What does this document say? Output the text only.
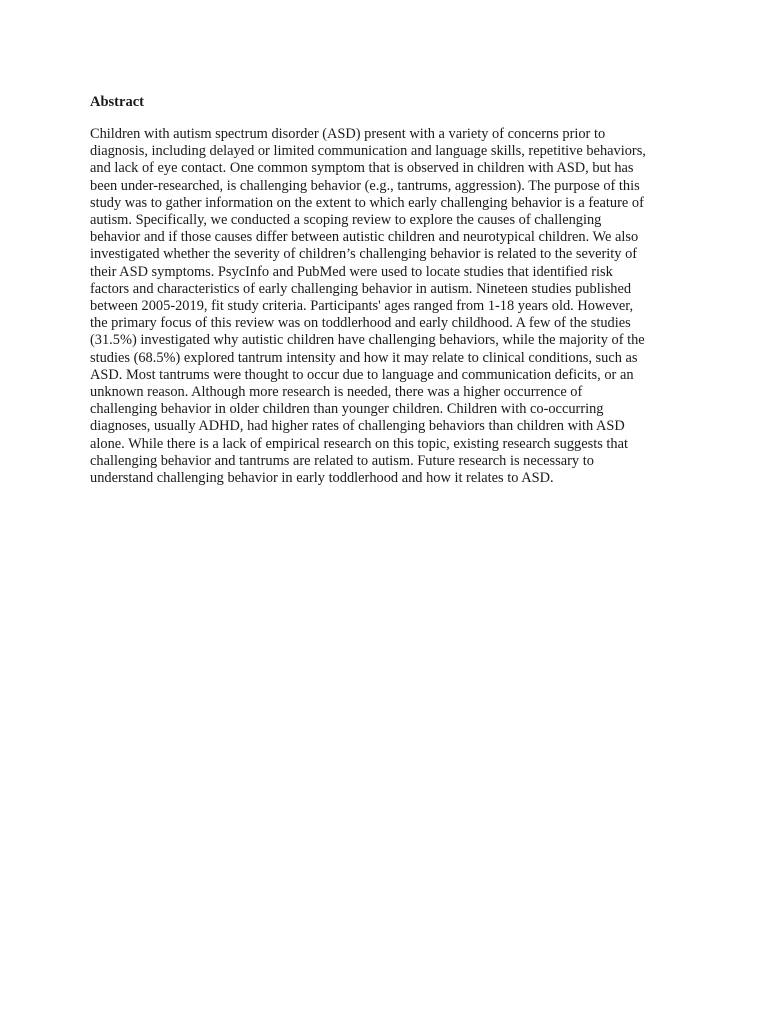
Abstract

Children with autism spectrum disorder (ASD) present with a variety of concerns prior to
diagnosis, including delayed or limited communication and language skills, repetitive behaviors,
and lack of eye contact. One common symptom that is observed in children with ASD, but has
been under-researched, is challenging behavior (e.g., tantrums, aggression). The purpose of this
study was to gather information on the extent to which early challenging behavior is a feature of
autism. Specifically, we conducted a scoping review to explore the causes of challenging
behavior and if those causes differ between autistic children and neurotypical children. We also
investigated whether the severity of children’s challenging behavior is related to the severity of
their ASD symptoms. PsycInfo and PubMed were used to locate studies that identified risk
factors and characteristics of early challenging behavior in autism. Nineteen studies published
between 2005-2019, fit study criteria. Participants' ages ranged from 1-18 years old. However,
the primary focus of this review was on toddlerhood and early childhood. A few of the studies
(31.5%) investigated why autistic children have challenging behaviors, while the majority of the
studies (68.5%) explored tantrum intensity and how it may relate to clinical conditions, such as
ASD. Most tantrums were thought to occur due to language and communication deficits, or an
unknown reason. Although more research is needed, there was a higher occurrence of
challenging behavior in older children than younger children. Children with co-occurring
diagnoses, usually ADHD, had higher rates of challenging behaviors than children with ASD
alone. While there is a lack of empirical research on this topic, existing research suggests that
challenging behavior and tantrums are related to autism. Future research is necessary to
understand challenging behavior in early toddlerhood and how it relates to ASD.
